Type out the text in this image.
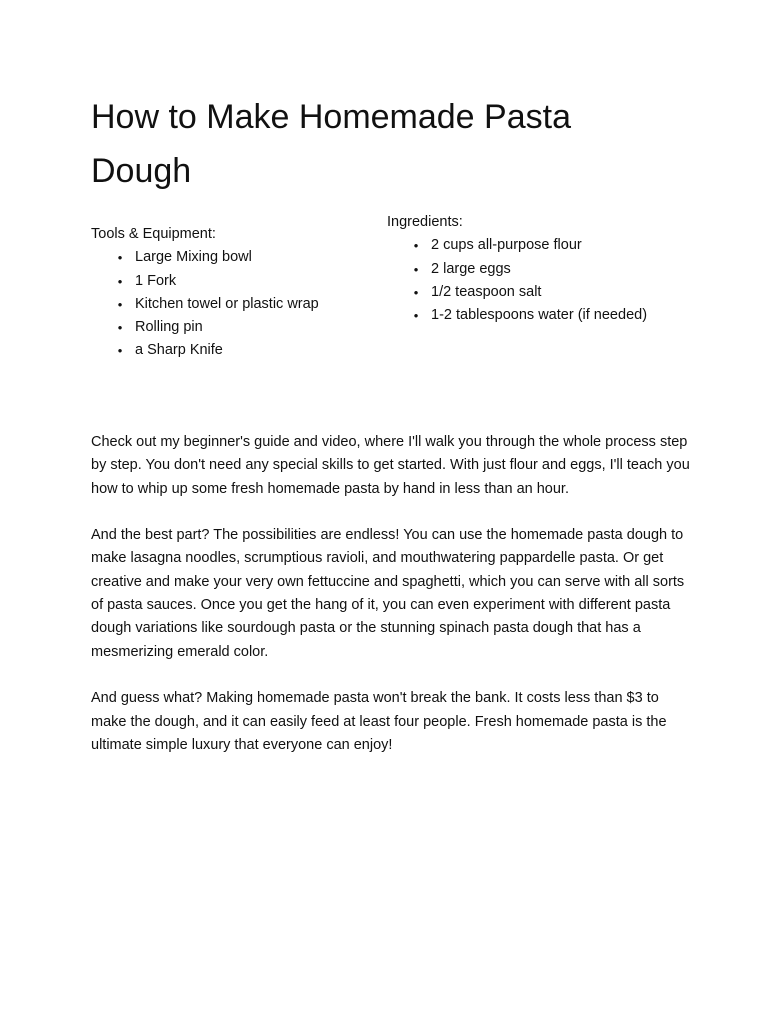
How to Make Homemade Pasta Dough

Tools & Equipment:

• Large Mixing bowl
• 1 Fork
• Kitchen towel or plastic wrap
• Rolling pin
• a Sharp Knife

Ingredients:

• 2 cups all-purpose flour
• 2 large eggs
• 1/2 teaspoon salt
• 1-2 tablespoons water (if needed)

Check out my beginner's guide and video, where I'll walk you through the whole process step by step. You don't need any special skills to get started. With just flour and eggs, I'll teach you how to whip up some fresh homemade pasta by hand in less than an hour.

And the best part? The possibilities are endless! You can use the homemade pasta dough to make lasagna noodles, scrumptious ravioli, and mouthwatering pappardelle pasta. Or get creative and make your very own fettuccine and spaghetti, which you can serve with all sorts of pasta sauces. Once you get the hang of it, you can even experiment with different pasta dough variations like sourdough pasta or the stunning spinach pasta dough that has a mesmerizing emerald color.

And guess what? Making homemade pasta won't break the bank. It costs less than $3 to make the dough, and it can easily feed at least four people. Fresh homemade pasta is the ultimate simple luxury that everyone can enjoy!
